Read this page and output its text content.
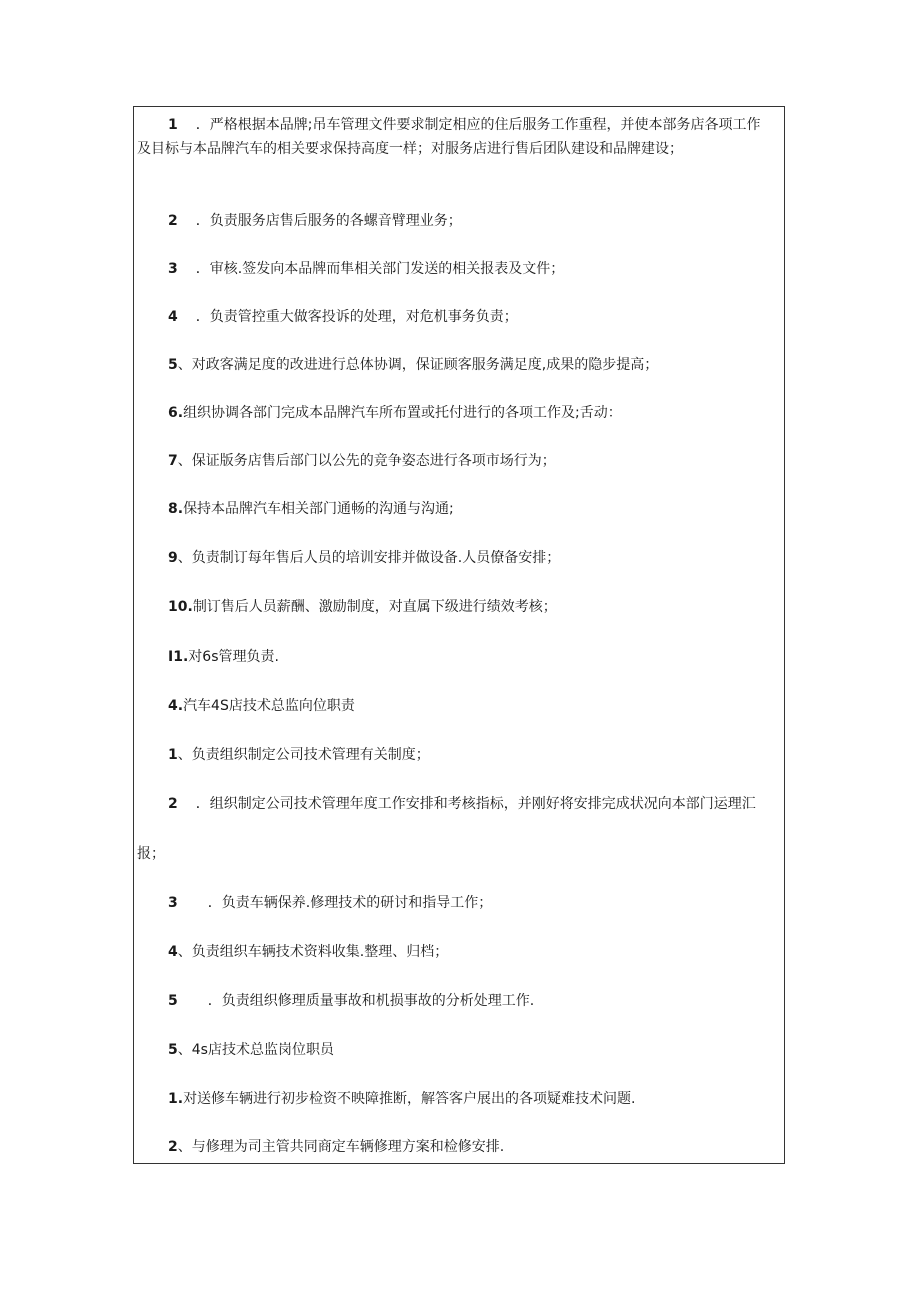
1 ．严格根据本品牌;吊车管理文件要求制定相应的住后服务工作重程，并使本部务店各项工作
及目标与本品牌汽车的相关要求保持高度一样；对服务店进行售后团队建设和品牌建设；
2 ．负责服务店售后服务的各螺音臂理业务；
3 ．审核.签发向本品牌而隼相关部门发送的相关报表及文件；
4 ．负责管控重大做客投诉的处理，对危机事务负责；
5、对政客满足度的改进进行总体协调，保证顾客服务满足度,成果的隐步提高；
6.组织协调各部门完成本品牌汽车所布置或托付进行的各项工作及;舌动：
7、保证版务店售后部门以公先的竞争姿态进行各项市场行为；
8.保持本品牌汽车相关部门通畅的沟通与沟通;
9、负责制订每年售后人员的培训安排并做设备.人员僚备安排；
10.制订售后人员薪酬、激励制度，对直属下级进行绩效考核；
I1.对6s管理负责.
4.汽车4S店技术总监向位职责
1、负责组织制定公司技术管理有关制度；
2 ．组织制定公司技术管理年度工作安排和考核指标，并刚好将安排完成状况向本部门运理汇
报；
3 ．负责车辆保养.修理技术的研讨和指导工作；
4、负责组织车辆技术资料收集.整理、归档；
5 ．负责组织修理质量事故和机损事故的分析处理工作.
5、4s店技术总监岗位职员
1.对送修车辆进行初步检资不映障推断，解答客户展出的各项疑难技术问题.
2、与修理为司主管共同商定车辆修理方案和检修安排.
